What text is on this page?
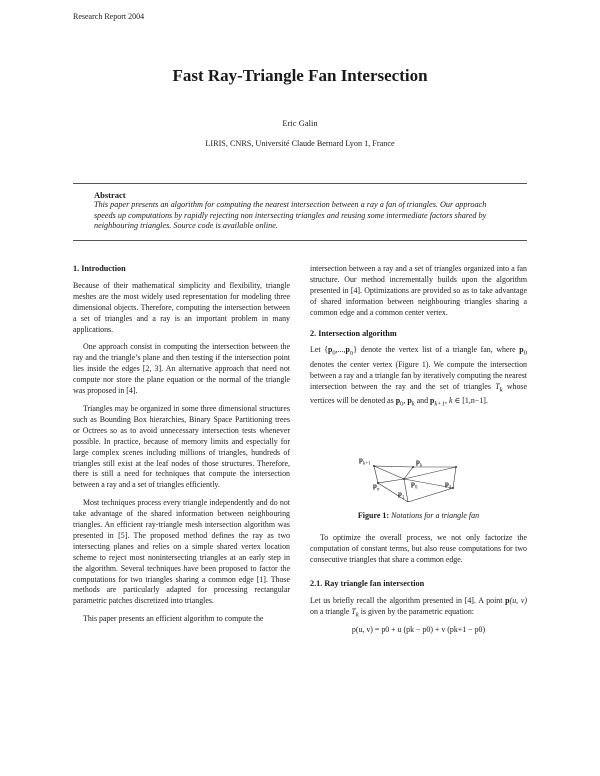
Research Report 2004
Fast Ray-Triangle Fan Intersection
Eric Galin
LIRIS, CNRS, Université Claude Bernard Lyon 1, France
Abstract
This paper presents an algorithm for computing the nearest intersection between a ray a fan of triangles. Our approach speeds up computations by rapidly rejecting non intersecting triangles and reusing some intermediate factors shared by neighbouring triangles. Source code is available online.

1. Introduction

Because of their mathematical simplicity and flexibility, triangle meshes are the most widely used representation for modeling three dimensional objects. Therefore, computing the intersection between a set of triangles and a ray is an important problem in many applications.

One approach consist in computing the intersection between the ray and the triangle’s plane and then testing if the intersection point lies inside the edges [2, 3]. An alternative approach that need not compute nor store the plane equation or the normal of the triangle was proposed in [4].

Triangles may be organized in some three dimensional structures such as Bounding Box hierarchies, Binary Space Partitioning trees or Octrees so as to avoid unnecessary intersection tests whenever possible. In practice, because of memory limits and especially for large complex scenes including millions of triangles, hundreds of triangles still exist at the leaf nodes of those structures. Therefore, there is still a need for techniques that compute the intersection between a ray and a set of triangles efficiently.

Most techniques process every triangle independently and do not take advantage of the shared information between neighbouring triangles. An efficient ray-triangle mesh intersection algorithm was presented in [5]. The proposed method defines the ray as two intersecting planes and relies on a simple shared vertex location scheme to reject most nonintersecting triangles at an early step in the algorithm. Several techniques have been proposed to factor the computations for two triangles sharing a common edge [1]. Those methods are particularly adapted for processing rectangular parametric patches discretized into triangles.

This paper presents an efficient algorithm to compute the

intersection between a ray and a set of triangles organized into a fan structure. Our method incrementally builds upon the algorithm presented in [4]. Optimizations are provided so as to take advantage of shared information between neighbouring triangles sharing a common edge and a common center vertex.

2. Intersection algorithm

Let $\{p_0,...,p_n\}$ denote the vertex list of a triangle fan, where $p_0$ denotes the center vertex (Figure 1). We compute the intersection between a ray and a triangle fan by iteratively computing the nearest intersection between the ray and the set of triangles $T_k$ whose vertices will be denoted as $p_0$, $p_k$ and $p_{k+1}$, k ∈ [1,n−1].

$p_{k+1}$	$p_k$
$p_0$
$p_n$
$p_1$
$p_2$
Figure 1: Notations for a triangle fan

To optimize the overall process, we not only factorize the computation of constant terms, but also reuse computations for two consecutive triangles that share a common edge.

2.1. Ray triangle fan intersection

Let us briefly recall the algorithm presented in [4]. A point p(u, v) on a triangle $T_k$ is given by the parametric equation:

p(u, v) = p0 + u (pk − p0) + v (pk+1 − p0)
